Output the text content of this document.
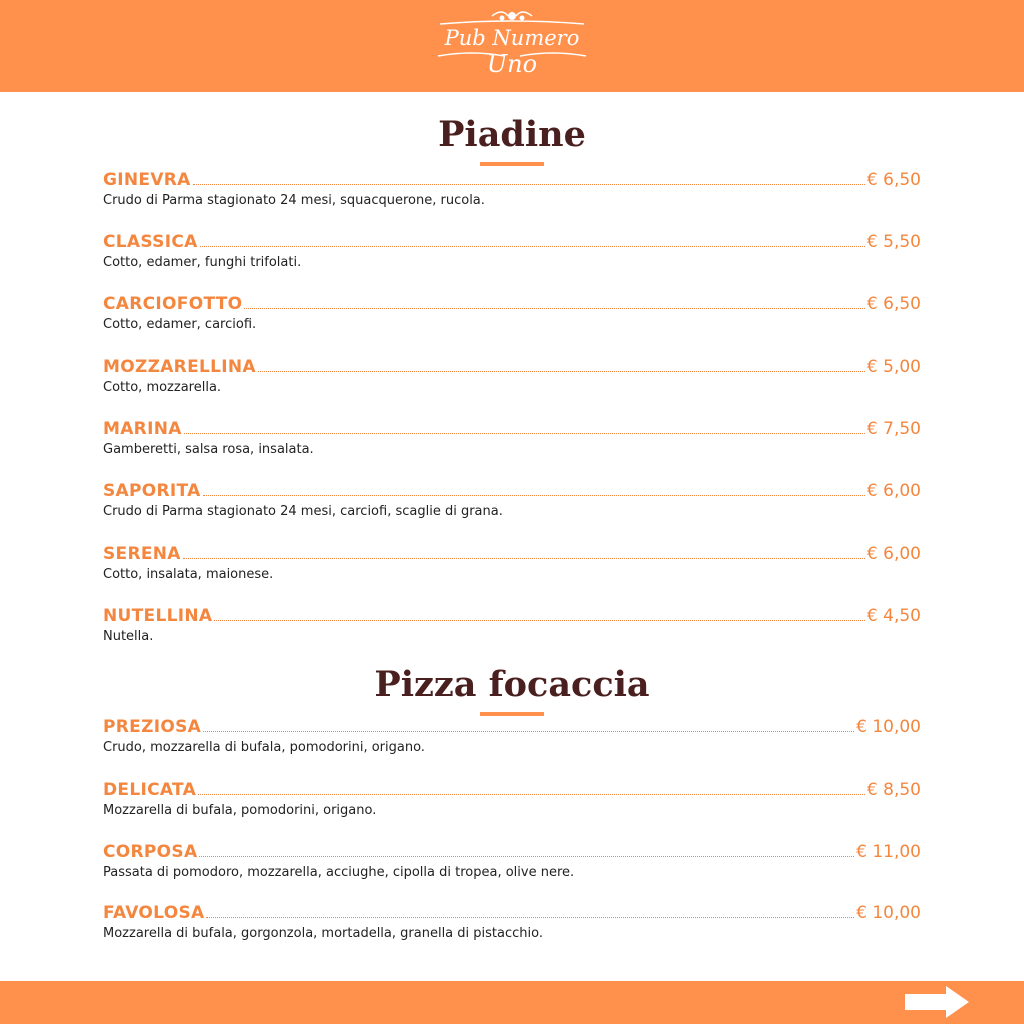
Pub Numero
Uno
Piadine
GINEVRA	€ 6,50
Crudo di Parma stagionato 24 mesi, squacquerone, rucola.
CLASSICA	€ 5,50
Cotto, edamer, funghi trifolati.
CARCIOFOTTO	€ 6,50
Cotto, edamer, carciofi.
MOZZARELLINA	€ 5,00
Cotto, mozzarella.
MARINA	€ 7,50
Gamberetti, salsa rosa, insalata.
SAPORITA	€ 6,00
Crudo di Parma stagionato 24 mesi, carciofi, scaglie di grana.
SERENA	€ 6,00
Cotto, insalata, maionese.
NUTELLINA	€ 4,50
Nutella.
Pizza focaccia
PREZIOSA	€ 10,00
Crudo, mozzarella di bufala, pomodorini, origano.
DELICATA	€ 8,50
Mozzarella di bufala, pomodorini, origano.
CORPOSA	€ 11,00
Passata di pomodoro, mozzarella, acciughe, cipolla di tropea, olive nere.
FAVOLOSA	€ 10,00
Mozzarella di bufala, gorgonzola, mortadella, granella di pistacchio.
